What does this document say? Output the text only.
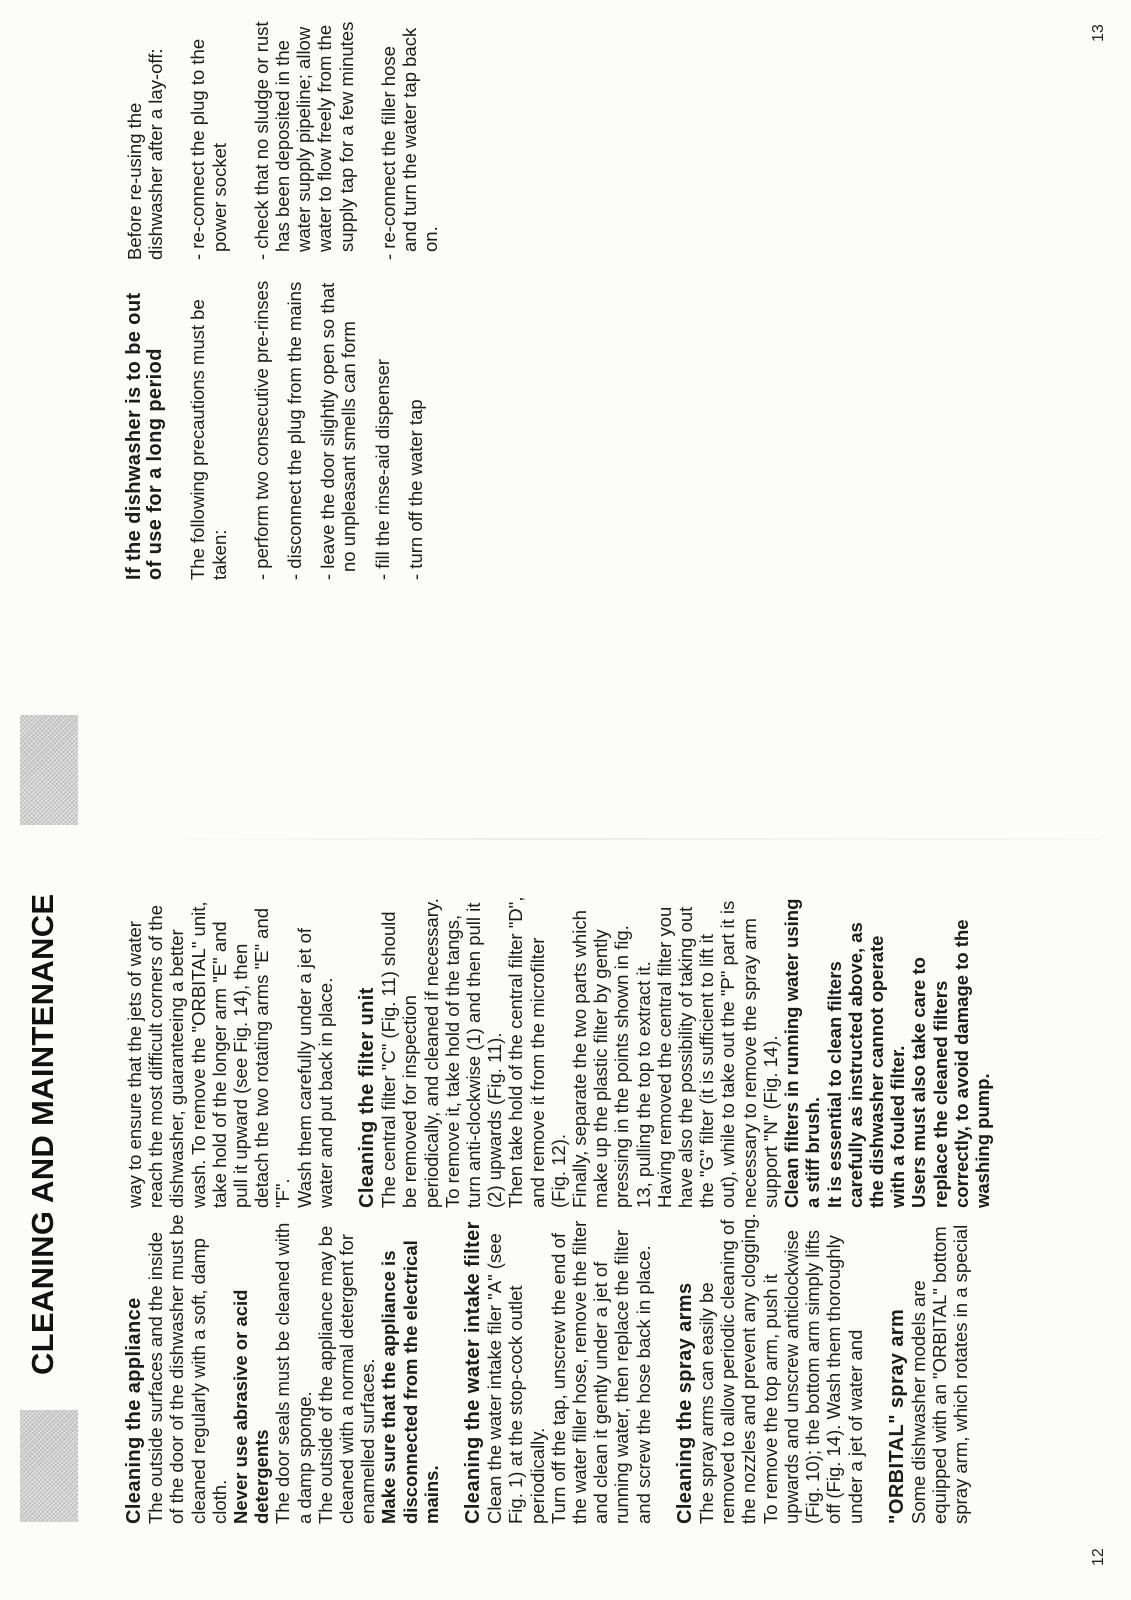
CLEANING AND MAINTENANCE

Cleaning the appliance The outside surfaces and the inside of the door of the dishwasher must be cleaned regularly with a soft, damp cloth. Never use abrasive or acid detergents The door seals must be cleaned with a damp sponge. The outside of the appliance may be cleaned with a normal detergent for enamelled surfaces. Make sure that the appliance is disconnected from the electrical mains. Cleaning the water intake filter Clean the water intake filer "A" (see Fig. 1) at the stop-cock outlet periodically. Turn off the tap, unscrew the end of the water filler hose, remove the filter and clean it gently under a jet of running water, then replace the filter and screw the hose back in place. Cleaning the spray arms The spray arms can easily be removed to allow periodic cleaning of the nozzles and prevent any clogging. To remove the top arm, push it upwards and unscrew anticlockwise (Fig. 10); the bottom arm simply lifts off (Fig. 14). Wash them thoroughly under a jet of water and "ORBITAL" spray arm Some dishwasher models are equipped with an "ORBITAL" bottom spray arm, which rotates in a special

way to ensure that the jets of water reach the most difficult corners of the dishwasher, guaranteeing a better wash. To remove the "ORBITAL" unit, take hold of the longer arm "E" and pull it upward (see Fig. 14), then detach the two rotating arms "E" and "F". Wash them carefully under a jet of water and put back in place. Cleaning the filter unit The central filter "C" (Fig. 11) should be removed for inspection periodically, and cleaned if necessary. To remove it, take hold of the tangs, turn anti-clockwise (1) and then pull it (2) upwards (Fig. 11). Then take hold of the central filter "D", and remove it from the microfilter (Fig. 12). Finally, separate the two parts which make up the plastic filter by gently pressing in the points shown in fig. 13, pulling the top to extract it. Having removed the central filter you have also the possibility of taking out the "G" filter (it is sufficient to lift it out), while to take out the "P" part it is necessary to remove the spray arm support "N" (Fig. 14). Clean filters in running water using a stiff brush. It is essential to clean filters carefully as instructed above, as the dishwasher cannot operate with a fouled filter. Users must also take care to replace the cleaned filters correctly, to avoid damage to the washing pump.

If the dishwasher is to be out of use for a long period The following precautions must be taken: - perform two consecutive pre-rinses - disconnect the plug from the mains - leave the door slightly open so that no unpleasant smells can form - fill the rinse-aid dispenser - turn off the water tap

Before re-using the dishwasher after a lay-off: - re-connect the plug to the power socket - check that no sludge or rust has been deposited in the water supply pipeline; allow water to flow freely from the supply tap for a few minutes - re-connect the filler hose and turn the water tap back on.

12
13
